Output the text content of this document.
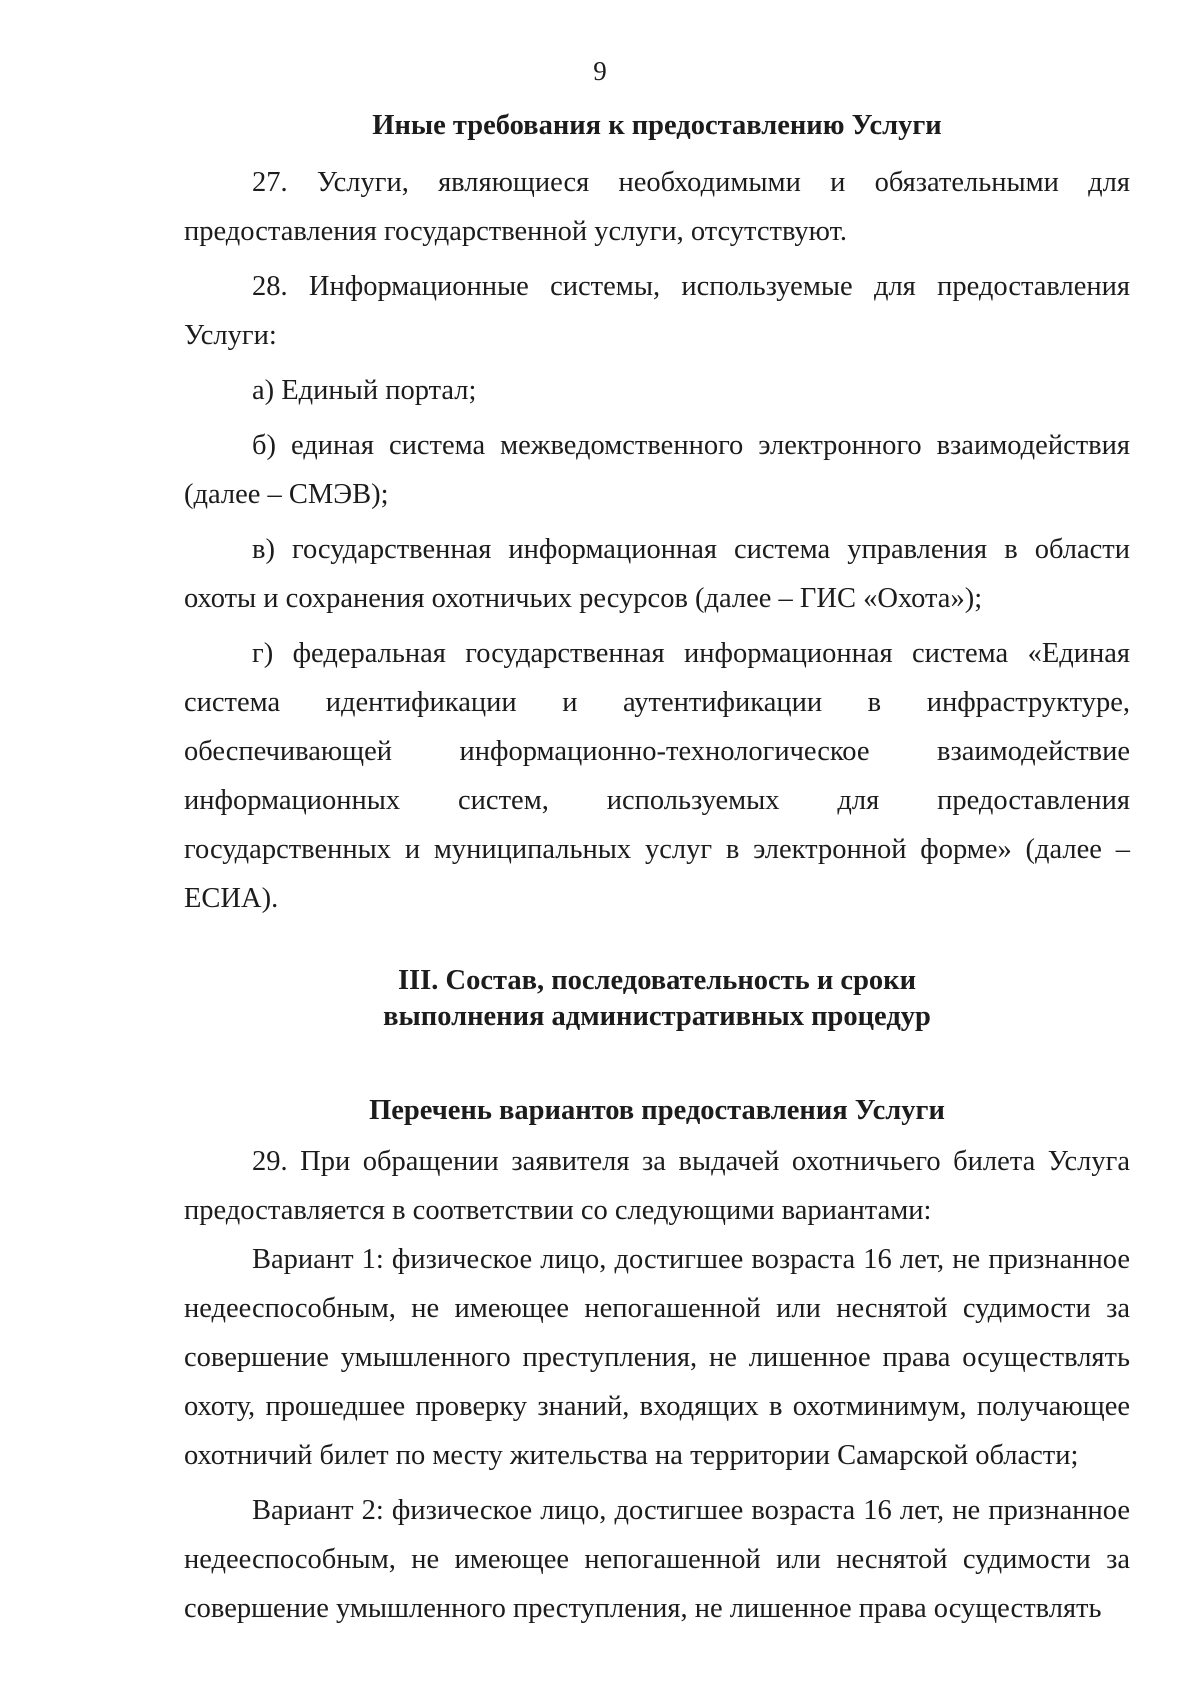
9
Иные требования к предоставлению Услуги

27. Услуги, являющиеся необходимыми и обязательными для предоставления государственной услуги, отсутствуют.

28. Информационные системы, используемые для предоставления Услуги:

а) Единый портал;

б) единая система межведомственного электронного взаимодействия (далее – СМЭВ);

в) государственная информационная система управления в области охоты и сохранения охотничьих ресурсов (далее – ГИС «Охота»);

г) федеральная государственная информационная система «Единая система идентификации и аутентификации в инфраструктуре, обеспечивающей информационно-технологическое взаимодействие информационных систем, используемых для предоставления государственных и муниципальных услуг в электронной форме» (далее – ЕСИА).

III. Состав, последовательность и сроки
выполнения административных процедур
Перечень вариантов предоставления Услуги

29. При обращении заявителя за выдачей охотничьего билета Услуга предоставляется в соответствии со следующими вариантами:

Вариант 1: физическое лицо, достигшее возраста 16 лет, не признанное недееспособным, не имеющее непогашенной или неснятой судимости за совершение умышленного преступления, не лишенное права осуществлять охоту, прошедшее проверку знаний, входящих в охотминимум, получающее охотничий билет по месту жительства на территории Самарской области;

Вариант 2: физическое лицо, достигшее возраста 16 лет, не признанное недееспособным, не имеющее непогашенной или неснятой судимости за совершение умышленного преступления, не лишенное права осуществлять
